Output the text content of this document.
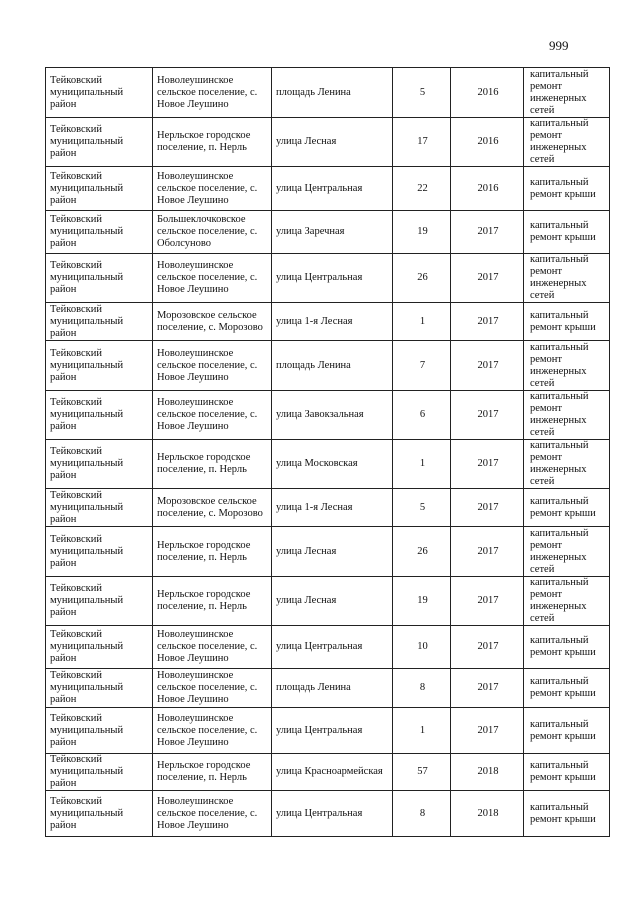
999
Тейковский муниципальный район	Новолеушинское сельское поселение, с. Новое Леушино	площадь Ленина	5	2016	капитальный ремонт инженерных сетей
Тейковский муниципальный район	Нерльское городское поселение, п. Нерль	улица Лесная	17	2016	капитальный ремонт инженерных сетей
Тейковский муниципальный район	Новолеушинское сельское поселение, с. Новое Леушино	улица Центральная	22	2016	капитальный ремонт крыши
Тейковский муниципальный район	Большеклочковское сельское поселение, с. Оболсуново	улица Заречная	19	2017	капитальный ремонт крыши
Тейковский муниципальный район	Новолеушинское сельское поселение, с. Новое Леушино	улица Центральная	26	2017	капитальный ремонт инженерных сетей
Тейковский муниципальный район	Морозовское сельское поселение, с. Морозово	улица 1-я Лесная	1	2017	капитальный ремонт крыши
Тейковский муниципальный район	Новолеушинское сельское поселение, с. Новое Леушино	площадь Ленина	7	2017	капитальный ремонт инженерных сетей
Тейковский муниципальный район	Новолеушинское сельское поселение, с. Новое Леушино	улица Завокзальная	6	2017	капитальный ремонт инженерных сетей
Тейковский муниципальный район	Нерльское городское поселение, п. Нерль	улица Московская	1	2017	капитальный ремонт инженерных сетей
Тейковский муниципальный район	Морозовское сельское поселение, с. Морозово	улица 1-я Лесная	5	2017	капитальный ремонт крыши
Тейковский муниципальный район	Нерльское городское поселение, п. Нерль	улица Лесная	26	2017	капитальный ремонт инженерных сетей
Тейковский муниципальный район	Нерльское городское поселение, п. Нерль	улица Лесная	19	2017	капитальный ремонт инженерных сетей
Тейковский муниципальный район	Новолеушинское сельское поселение, с. Новое Леушино	улица Центральная	10	2017	капитальный ремонт крыши
Тейковский муниципальный район	Новолеушинское сельское поселение, с. Новое Леушино	площадь Ленина	8	2017	капитальный ремонт крыши
Тейковский муниципальный район	Новолеушинское сельское поселение, с. Новое Леушино	улица Центральная	1	2017	капитальный ремонт крыши
Тейковский муниципальный район	Нерльское городское поселение, п. Нерль	улица Красноармейская	57	2018	капитальный ремонт крыши
Тейковский муниципальный район	Новолеушинское сельское поселение, с. Новое Леушино	улица Центральная	8	2018	капитальный ремонт крыши
